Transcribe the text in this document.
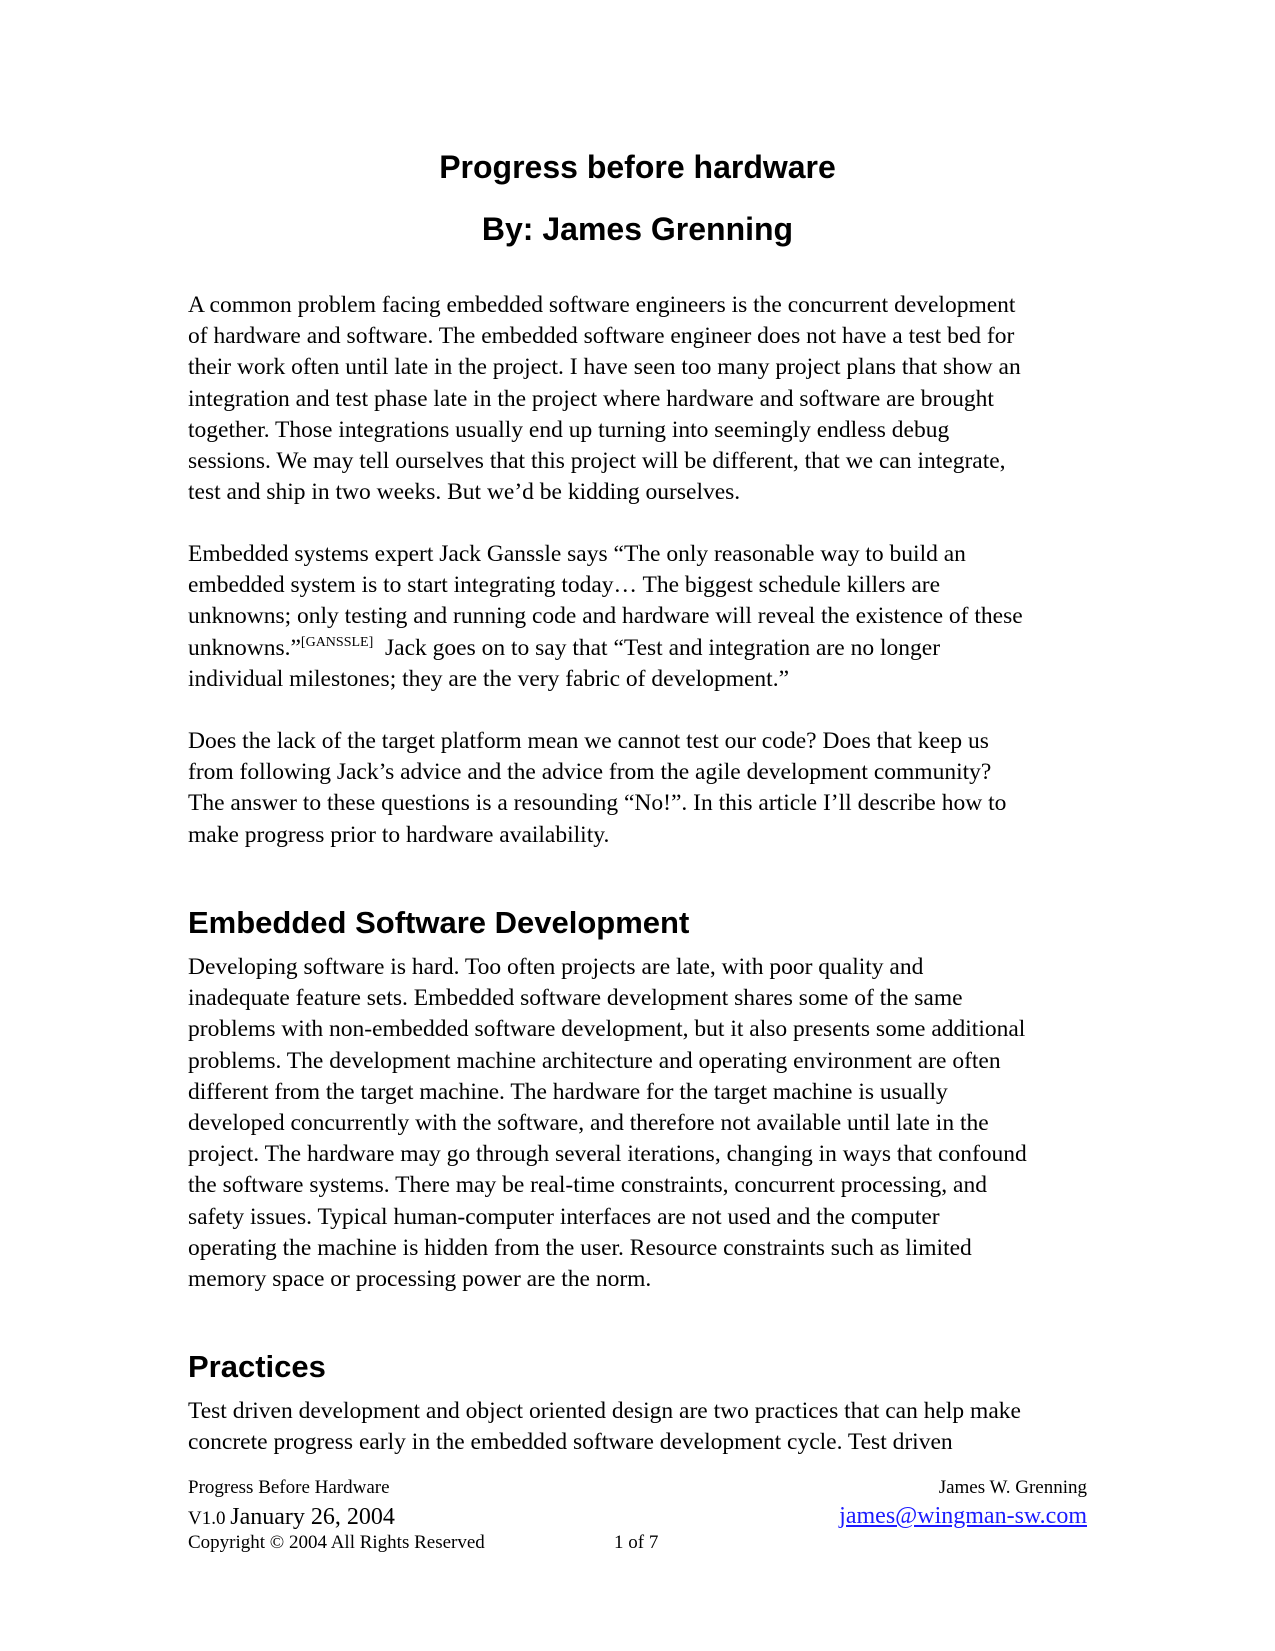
Progress before hardware
By: James Grenning

A common problem facing embedded software engineers is the concurrent development
of hardware and software. The embedded software engineer does not have a test bed for
their work often until late in the project. I have seen too many project plans that show an
integration and test phase late in the project where hardware and software are brought
together. Those integrations usually end up turning into seemingly endless debug
sessions. We may tell ourselves that this project will be different, that we can integrate,
test and ship in two weeks. But we’d be kidding ourselves.

Embedded systems expert Jack Ganssle says “The only reasonable way to build an
embedded system is to start integrating today… The biggest schedule killers are
unknowns; only testing and running code and hardware will reveal the existence of these
unknowns.”[GANSSLE]  Jack goes on to say that “Test and integration are no longer
individual milestones; they are the very fabric of development.”

Does the lack of the target platform mean we cannot test our code? Does that keep us
from following Jack’s advice and the advice from the agile development community?
The answer to these questions is a resounding “No!”. In this article I’ll describe how to
make progress prior to hardware availability.

Embedded Software Development

Developing software is hard. Too often projects are late, with poor quality and
inadequate feature sets. Embedded software development shares some of the same
problems with non-embedded software development, but it also presents some additional
problems. The development machine architecture and operating environment are often
different from the target machine. The hardware for the target machine is usually
developed concurrently with the software, and therefore not available until late in the
project. The hardware may go through several iterations, changing in ways that confound
the software systems. There may be real-time constraints, concurrent processing, and
safety issues. Typical human-computer interfaces are not used and the computer
operating the machine is hidden from the user. Resource constraints such as limited
memory space or processing power are the norm.

Practices

Test driven development and object oriented design are two practices that can help make
concrete progress early in the embedded software development cycle. Test driven

Progress Before Hardware
V1.0 January 26, 2004
Copyright © 2004 All Rights Reserved	1 of 7
James W. Grenning
james@wingman-sw.com
